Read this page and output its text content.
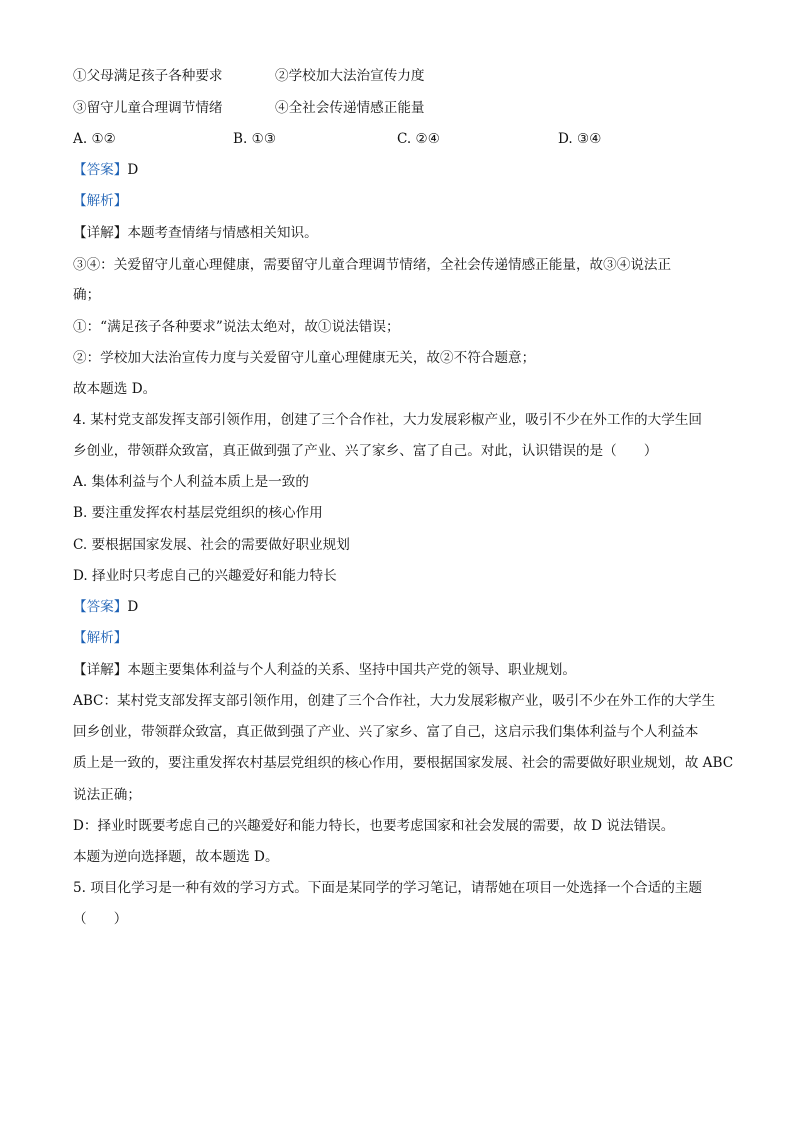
①父母满足孩子各种要求	②学校加大法治宣传力度
③留守儿童合理调节情绪	④全社会传递情感正能量
A. ①②	B. ①③	C. ②④	D. ③④
【答案】D
【解析】
【详解】本题考查情绪与情感相关知识。
③④：关爱留守儿童心理健康，需要留守儿童合理调节情绪，全社会传递情感正能量，故③④说法正
确；
①：“满足孩子各种要求”说法太绝对，故①说法错误；
②：学校加大法治宣传力度与关爱留守儿童心理健康无关，故②不符合题意；
故本题选 D。
4. 某村党支部发挥支部引领作用，创建了三个合作社，大力发展彩椒产业，吸引不少在外工作的大学生回
乡创业，带领群众致富，真正做到强了产业、兴了家乡、富了自己。对此，认识错误的是（　　）
A. 集体利益与个人利益本质上是一致的
B. 要注重发挥农村基层党组织的核心作用
C. 要根据国家发展、社会的需要做好职业规划
D. 择业时只考虑自己的兴趣爱好和能力特长
【答案】D
【解析】
【详解】本题主要集体利益与个人利益的关系、坚持中国共产党的领导、职业规划。
ABC：某村党支部发挥支部引领作用，创建了三个合作社，大力发展彩椒产业，吸引不少在外工作的大学生
回乡创业，带领群众致富，真正做到强了产业、兴了家乡、富了自己，这启示我们集体利益与个人利益本
质上是一致的，要注重发挥农村基层党组织的核心作用，要根据国家发展、社会的需要做好职业规划，故 ABC
说法正确；
D：择业时既要考虑自己的兴趣爱好和能力特长，也要考虑国家和社会发展的需要，故 D 说法错误。
本题为逆向选择题，故本题选 D。
5. 项目化学习是一种有效的学习方式。下面是某同学的学习笔记，请帮她在项目一处选择一个合适的主题
（　　）
